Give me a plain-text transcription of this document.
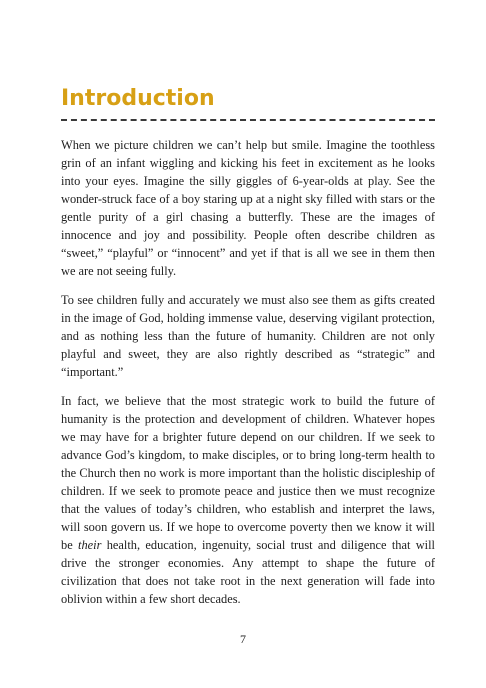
Introduction

When we picture children we can’t help but smile. Imagine the toothless grin of an infant wiggling and kicking his feet in excitement as he looks into your eyes. Imagine the silly giggles of 6-year-olds at play. See the wonder-struck face of a boy staring up at a night sky filled with stars or the gentle purity of a girl chasing a butterfly. These are the images of innocence and joy and possibility. People often describe children as “sweet,” “playful” or “innocent” and yet if that is all we see in them then we are not seeing fully.

To see children fully and accurately we must also see them as gifts created in the image of God, holding immense value, deserving vigilant protection, and as nothing less than the future of humanity. Children are not only playful and sweet, they are also rightly described as “strategic” and “important.”

In fact, we believe that the most strategic work to build the future of humanity is the protection and development of children. Whatever hopes we may have for a brighter future depend on our children. If we seek to advance God’s kingdom, to make disciples, or to bring long-term health to the Church then no work is more important than the holistic discipleship of children. If we seek to promote peace and justice then we must recognize that the values of today’s children, who establish and interpret the laws, will soon govern us. If we hope to overcome poverty then we know it will be their health, education, ingenuity, social trust and diligence that will drive the stronger economies. Any attempt to shape the future of civilization that does not take root in the next generation will fade into oblivion within a few short decades.

7
